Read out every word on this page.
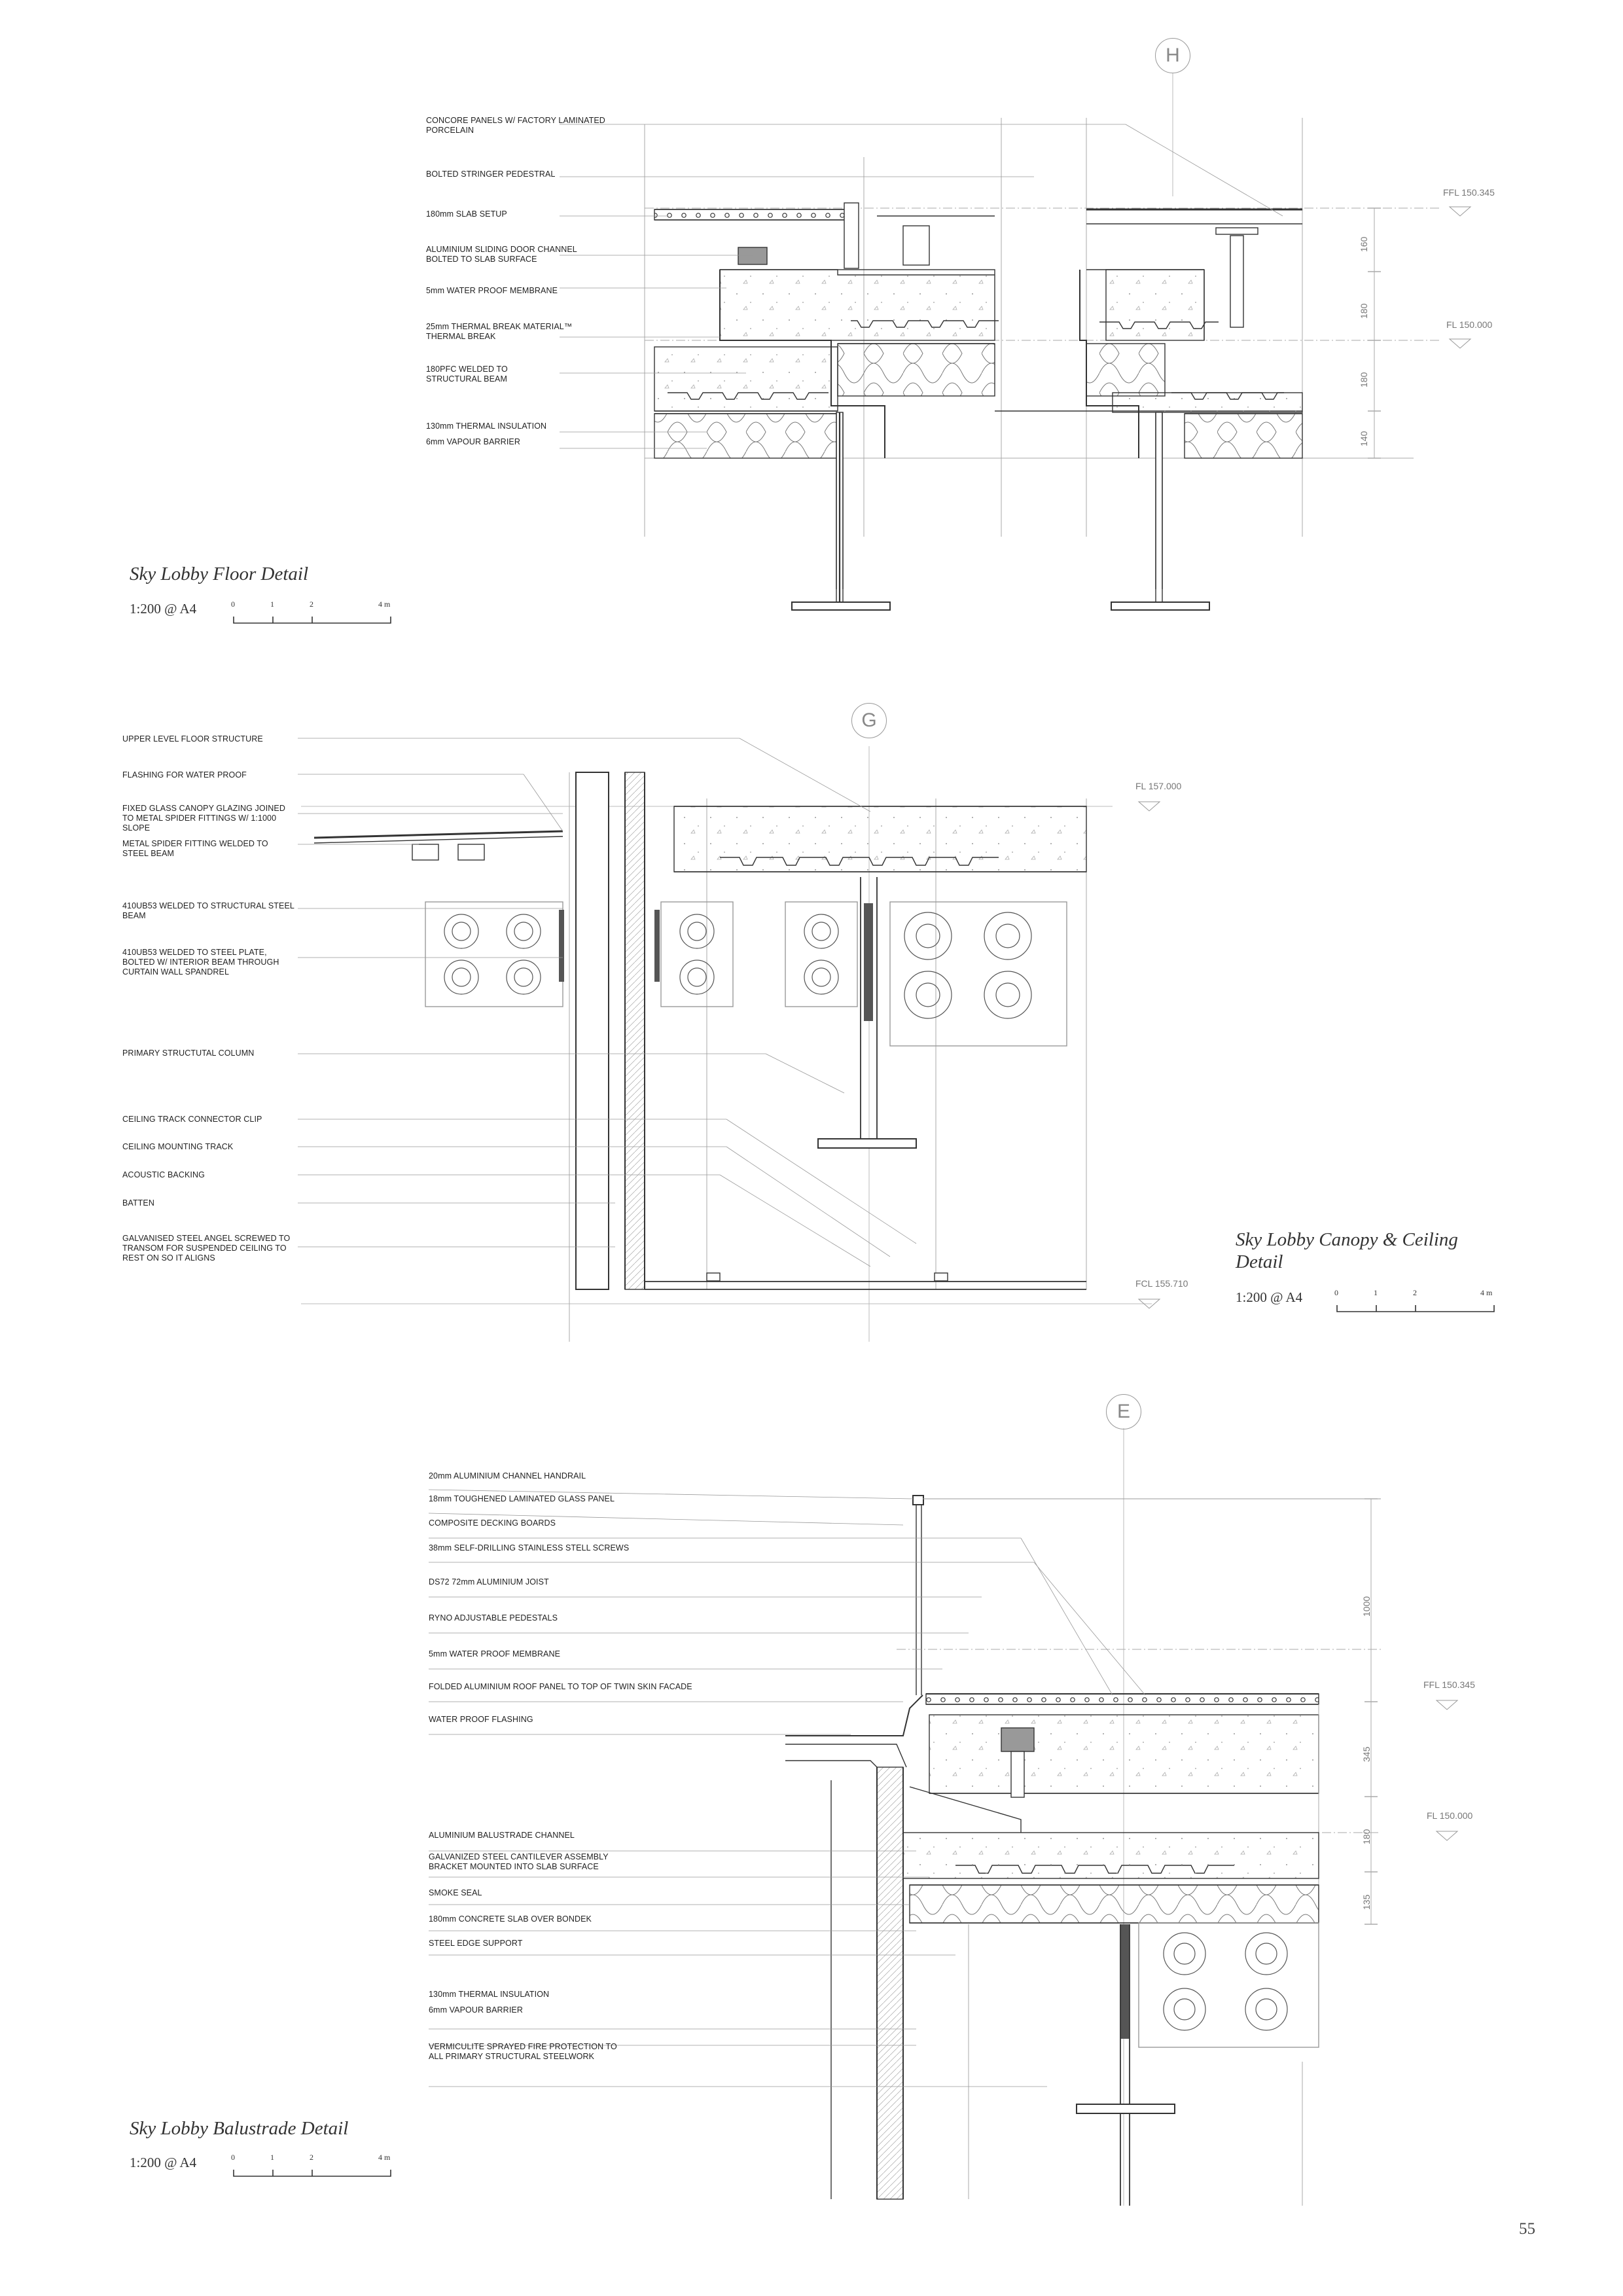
H
CONCORE PANELS W/ FACTORY LAMINATED
PORCELAIN
BOLTED STRINGER PEDESTRAL
180mm SLAB SETUP
ALUMINIUM SLIDING DOOR CHANNEL
BOLTED TO SLAB SURFACE
5mm WATER PROOF MEMBRANE
25mm THERMAL BREAK MATERIAL™
THERMAL BREAK
180PFC WELDED TO
STRUCTURAL BEAM
130mm THERMAL INSULATION
6mm VAPOUR BARRIER
FFL 150.345
FL 150.000
160
180
180
140
Sky Lobby Floor Detail
1:200 @ A4	0	1	2	4 m
G
UPPER LEVEL FLOOR STRUCTURE
FLASHING FOR WATER PROOF
FIXED GLASS CANOPY GLAZING JOINED
TO METAL SPIDER FITTINGS W/ 1:1000
SLOPE
METAL SPIDER FITTING WELDED TO
STEEL BEAM
410UB53 WELDED TO STRUCTURAL STEEL
BEAM
410UB53 WELDED TO STEEL PLATE,
BOLTED W/ INTERIOR BEAM THROUGH
CURTAIN WALL SPANDREL
PRIMARY STRUCTUTAL COLUMN
CEILING TRACK CONNECTOR CLIP
CEILING MOUNTING TRACK
ACOUSTIC BACKING
BATTEN
GALVANISED STEEL ANGEL SCREWED TO
TRANSOM FOR SUSPENDED CEILING TO
REST ON SO IT ALIGNS
FL 157.000
FCL 155.710
Sky Lobby Canopy & Ceiling
Detail
1:200 @ A4	0	1	2	4 m
E
20mm ALUMINIUM CHANNEL HANDRAIL
18mm TOUGHENED LAMINATED GLASS PANEL
COMPOSITE DECKING BOARDS
38mm SELF-DRILLING STAINLESS STELL SCREWS
DS72 72mm ALUMINIUM JOIST
RYNO ADJUSTABLE PEDESTALS
5mm WATER PROOF MEMBRANE
FOLDED ALUMINIUM ROOF PANEL TO TOP OF TWIN SKIN FACADE
WATER PROOF FLASHING
ALUMINIUM BALUSTRADE CHANNEL
GALVANIZED STEEL CANTILEVER ASSEMBLY
BRACKET MOUNTED INTO SLAB SURFACE
SMOKE SEAL
180mm CONCRETE SLAB OVER BONDEK
STEEL EDGE SUPPORT
130mm THERMAL INSULATION
6mm VAPOUR BARRIER
VERMICULITE SPRAYED FIRE PROTECTION TO
ALL PRIMARY STRUCTURAL STEELWORK
FFL 150.345
FL 150.000
1000
345
180
135
Sky Lobby Balustrade Detail
1:200 @ A4	0	1	2	4 m
55
